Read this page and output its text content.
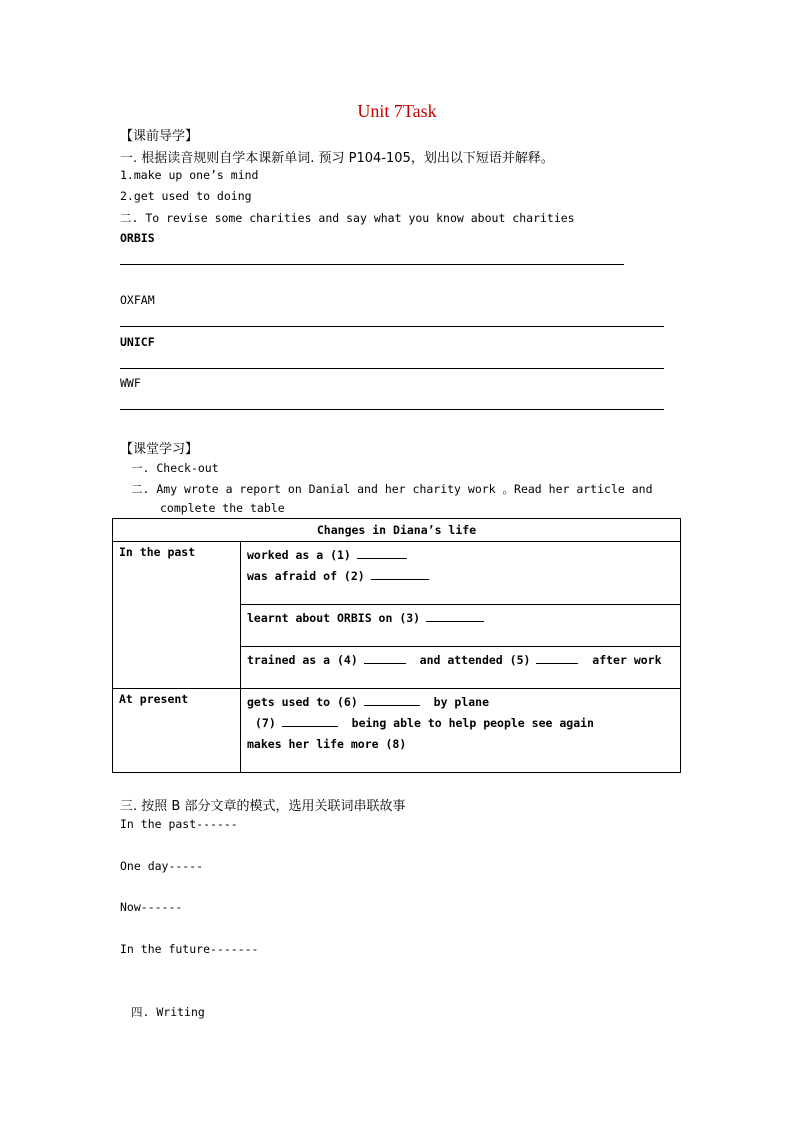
Unit 7Task
【课前导学】
一. 根据读音规则自学本课新单词. 预习 P104-105，划出以下短语并解释。
1.make up one’s mind
2.get used to doing
二. To revise some charities and say what you know about charities
ORBIS
OXFAM
UNICF
WWF
【课堂学习】
一. Check-out
二. Amy wrote a report on Danial and her charity work 。Read her article and
complete the table
Changes in Diana’s life	
In the past	worked as a (1)
was afraid of (2)

	learnt about ORBIS on (3)

	trained as a (4) and attended (5) after work

At present	gets used to (6) by plane
(7) being able to help people see again
makes her life more (8)
三. 按照 B 部分文章的模式，选用关联词串联故事
In the past------
One day-----
Now------
In the future-------
四. Writing
